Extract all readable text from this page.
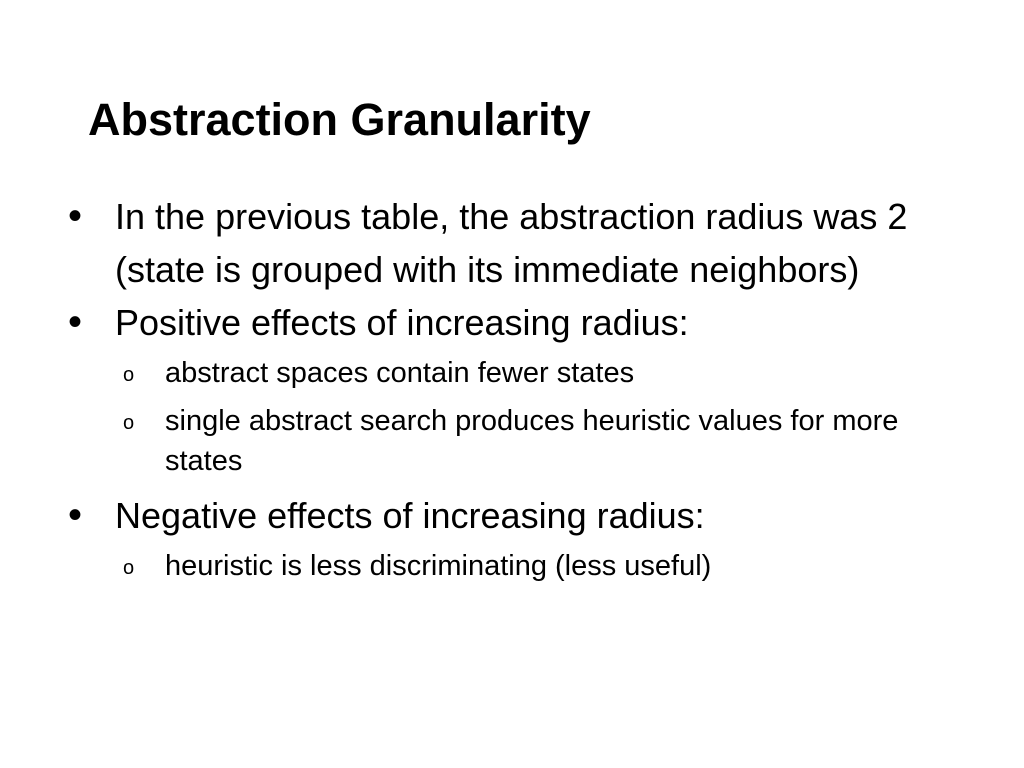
Abstraction Granularity
• In the previous table, the abstraction radius was 2 (state is grouped with its immediate neighbors)
• Positive effects of increasing radius:
o abstract spaces contain fewer states
o single abstract search produces heuristic values for more states
• Negative effects of increasing radius:
o heuristic is less discriminating (less useful)
